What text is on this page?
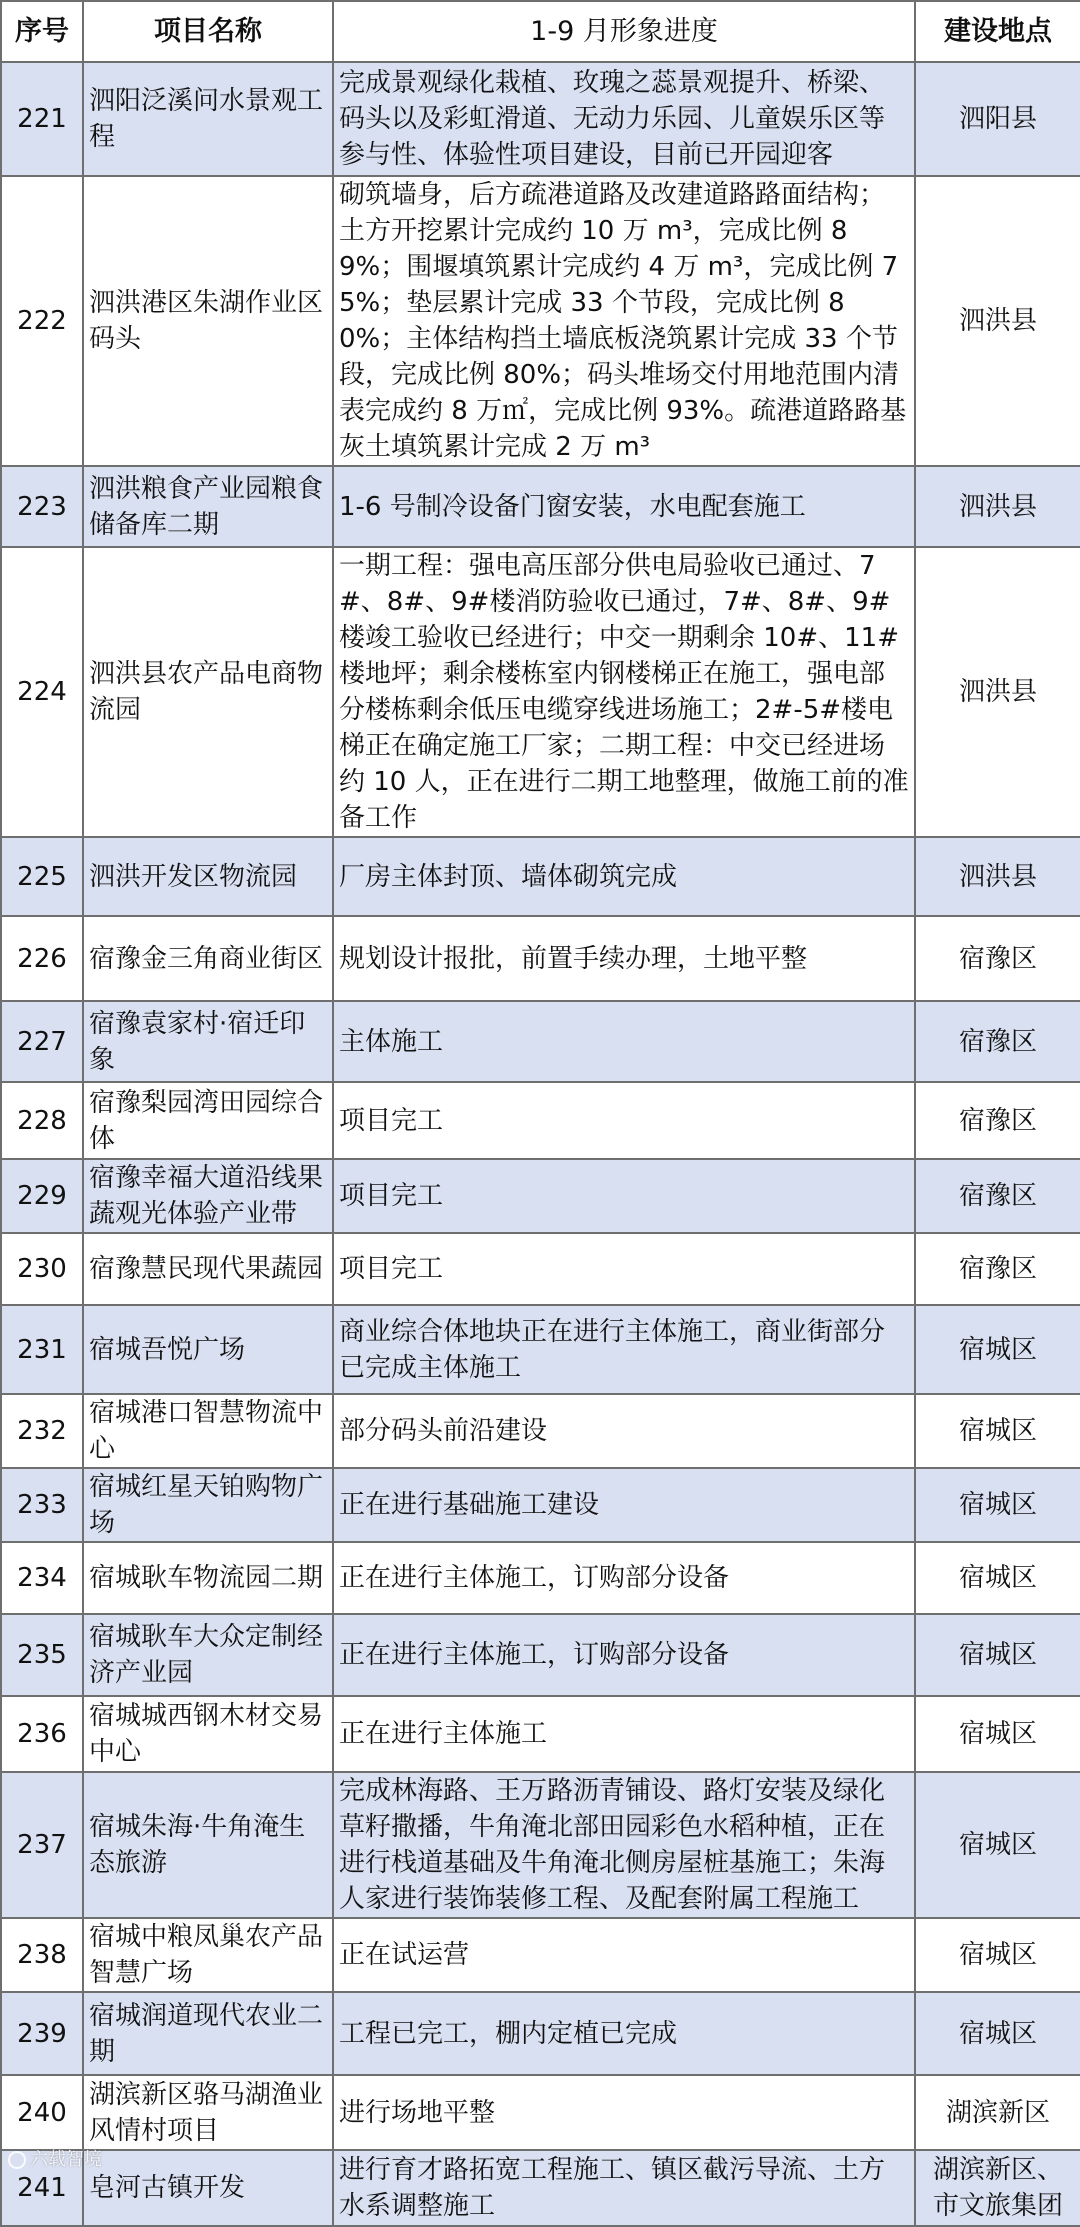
序号	项目名称	1-9 月形象进度	建设地点
221	泗阳泛溪问水景观工程	完成景观绿化栽植、玫瑰之蕊景观提升、桥梁、码头以及彩虹滑道、无动力乐园、儿童娱乐区等参与性、体验性项目建设，目前已开园迎客	泗阳县
222	泗洪港区朱湖作业区码头	砌筑墙身，后方疏港道路及改建道路路面结构；土方开挖累计完成约 10 万 m³，完成比例 89%；围堰填筑累计完成约 4 万 m³，完成比例 75%；垫层累计完成 33 个节段，完成比例 80%；主体结构挡土墙底板浇筑累计完成 33 个节段，完成比例 80%；码头堆场交付用地范围内清表完成约 8 万㎡，完成比例 93%。疏港道路路基灰土填筑累计完成 2 万 m³	泗洪县
223	泗洪粮食产业园粮食储备库二期	1-6 号制冷设备门窗安装，水电配套施工	泗洪县
224	泗洪县农产品电商物流园	一期工程：强电高压部分供电局验收已通过、7#、8#、9#楼消防验收已通过，7#、8#、9#楼竣工验收已经进行；中交一期剩余 10#、11#楼地坪；剩余楼栋室内钢楼梯正在施工，强电部分楼栋剩余低压电缆穿线进场施工；2#-5#楼电梯正在确定施工厂家；二期工程：中交已经进场约 10 人，正在进行二期工地整理，做施工前的准备工作	泗洪县
225	泗洪开发区物流园	厂房主体封顶、墙体砌筑完成	泗洪县
226	宿豫金三角商业街区	规划设计报批，前置手续办理，土地平整	宿豫区
227	宿豫袁家村·宿迁印象	主体施工	宿豫区
228	宿豫梨园湾田园综合体	项目完工	宿豫区
229	宿豫幸福大道沿线果蔬观光体验产业带	项目完工	宿豫区
230	宿豫慧民现代果蔬园	项目完工	宿豫区
231	宿城吾悦广场	商业综合体地块正在进行主体施工，商业街部分已完成主体施工	宿城区
232	宿城港口智慧物流中心	部分码头前沿建设	宿城区
233	宿城红星天铂购物广场	正在进行基础施工建设	宿城区
234	宿城耿车物流园二期	正在进行主体施工，订购部分设备	宿城区
235	宿城耿车大众定制经济产业园	正在进行主体施工，订购部分设备	宿城区
236	宿城城西钢木材交易中心	正在进行主体施工	宿城区
237	宿城朱海·牛角淹生态旅游	完成林海路、王万路沥青铺设、路灯安装及绿化草籽撒播，牛角淹北部田园彩色水稻种植，正在进行栈道基础及牛角淹北侧房屋桩基施工；朱海人家进行装饰装修工程、及配套附属工程施工	宿城区
238	宿城中粮凤巢农产品智慧广场	正在试运营	宿城区
239	宿城润道现代农业二期	工程已完工，棚内定植已完成	宿城区
240	湖滨新区骆马湖渔业风情村项目	进行场地平整	湖滨新区
241	皂河古镇开发	进行育才路拓宽工程施工、镇区截污导流、土方水系调整施工	湖滨新区、市文旅集团
六载智境
